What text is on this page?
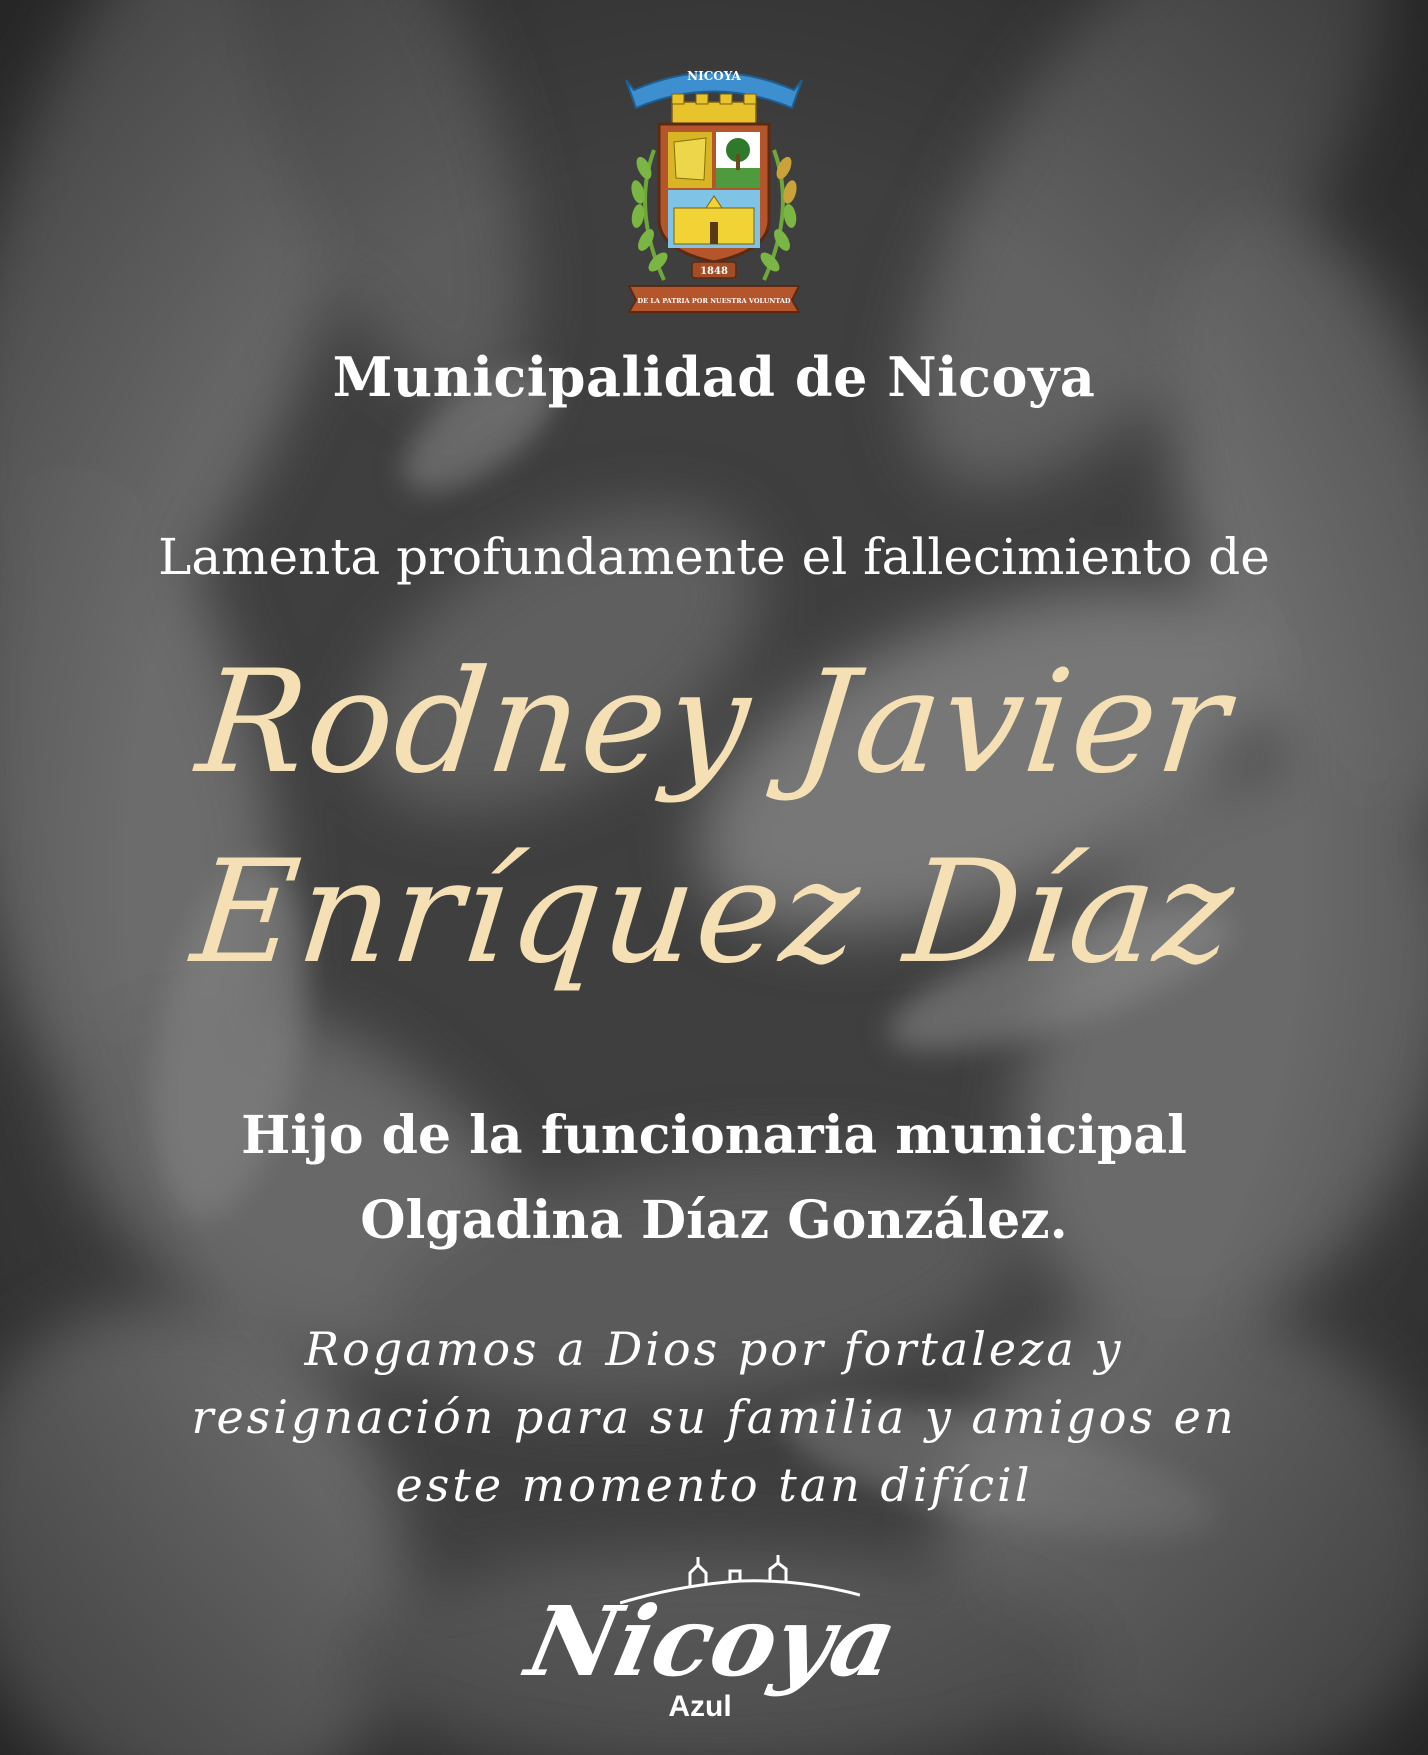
NICOYA
1848
DE LA PATRIA POR NUESTRA VOLUNTAD
Municipalidad de Nicoya
Lamenta profundamente el fallecimiento de
Rodney Javier
Enríquez Díaz
Hijo de la funcionaria municipal
Olgadina Díaz González.
Rogamos a Dios por fortaleza y
resignación para su familia y amigos en
este momento tan difícil
Nicoya
Azul
